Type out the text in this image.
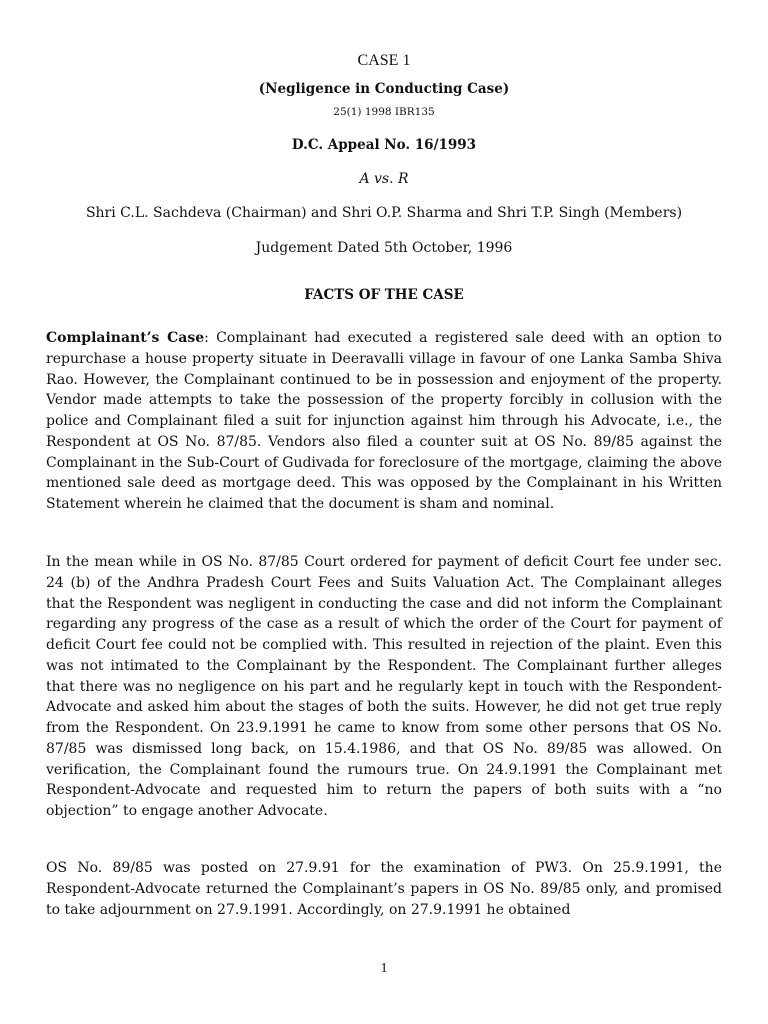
CASE 1
(Negligence in Conducting Case)
25(1) 1998 IBR135
D.C. Appeal No. 16/1993
A vs. R
Shri C.L. Sachdeva (Chairman) and Shri O.P. Sharma and Shri T.P. Singh (Members)
Judgement Dated 5th October, 1996
FACTS OF THE CASE

Complainant’s Case: Complainant had executed a registered sale deed with an option to repurchase a house property situate in Deeravalli village in favour of one Lanka Samba Shiva Rao. However, the Complainant continued to be in possession and enjoyment of the property. Vendor made attempts to take the possession of the property forcibly in collusion with the police and Complainant filed a suit for injunction against him through his Advocate, i.e., the Respondent at OS No. 87/85. Vendors also filed a counter suit at OS No. 89/85 against the Complainant in the Sub-Court of Gudivada for foreclosure of the mortgage, claiming the above mentioned sale deed as mortgage deed. This was opposed by the Complainant in his Written Statement wherein he claimed that the document is sham and nominal.

In the mean while in OS No. 87/85 Court ordered for payment of deficit Court fee under sec. 24 (b) of the Andhra Pradesh Court Fees and Suits Valuation Act. The Complainant alleges that the Respondent was negligent in conducting the case and did not inform the Complainant regarding any progress of the case as a result of which the order of the Court for payment of deficit Court fee could not be complied with. This resulted in rejection of the plaint. Even this was not intimated to the Complainant by the Respondent. The Complainant further alleges that there was no negligence on his part and he regularly kept in touch with the Respondent-Advocate and asked him about the stages of both the suits. However, he did not get true reply from the Respondent. On 23.9.1991 he came to know from some other persons that OS No. 87/85 was dismissed long back, on 15.4.1986, and that OS No. 89/85 was allowed. On verification, the Complainant found the rumours true. On 24.9.1991 the Complainant met Respondent-Advocate and requested him to return the papers of both suits with a “no objection” to engage another Advocate.

OS No. 89/85 was posted on 27.9.91 for the examination of PW3. On 25.9.1991, the Respondent-Advocate returned the Complainant’s papers in OS No. 89/85 only, and promised to take adjournment on 27.9.1991. Accordingly, on 27.9.1991 he obtained

1
